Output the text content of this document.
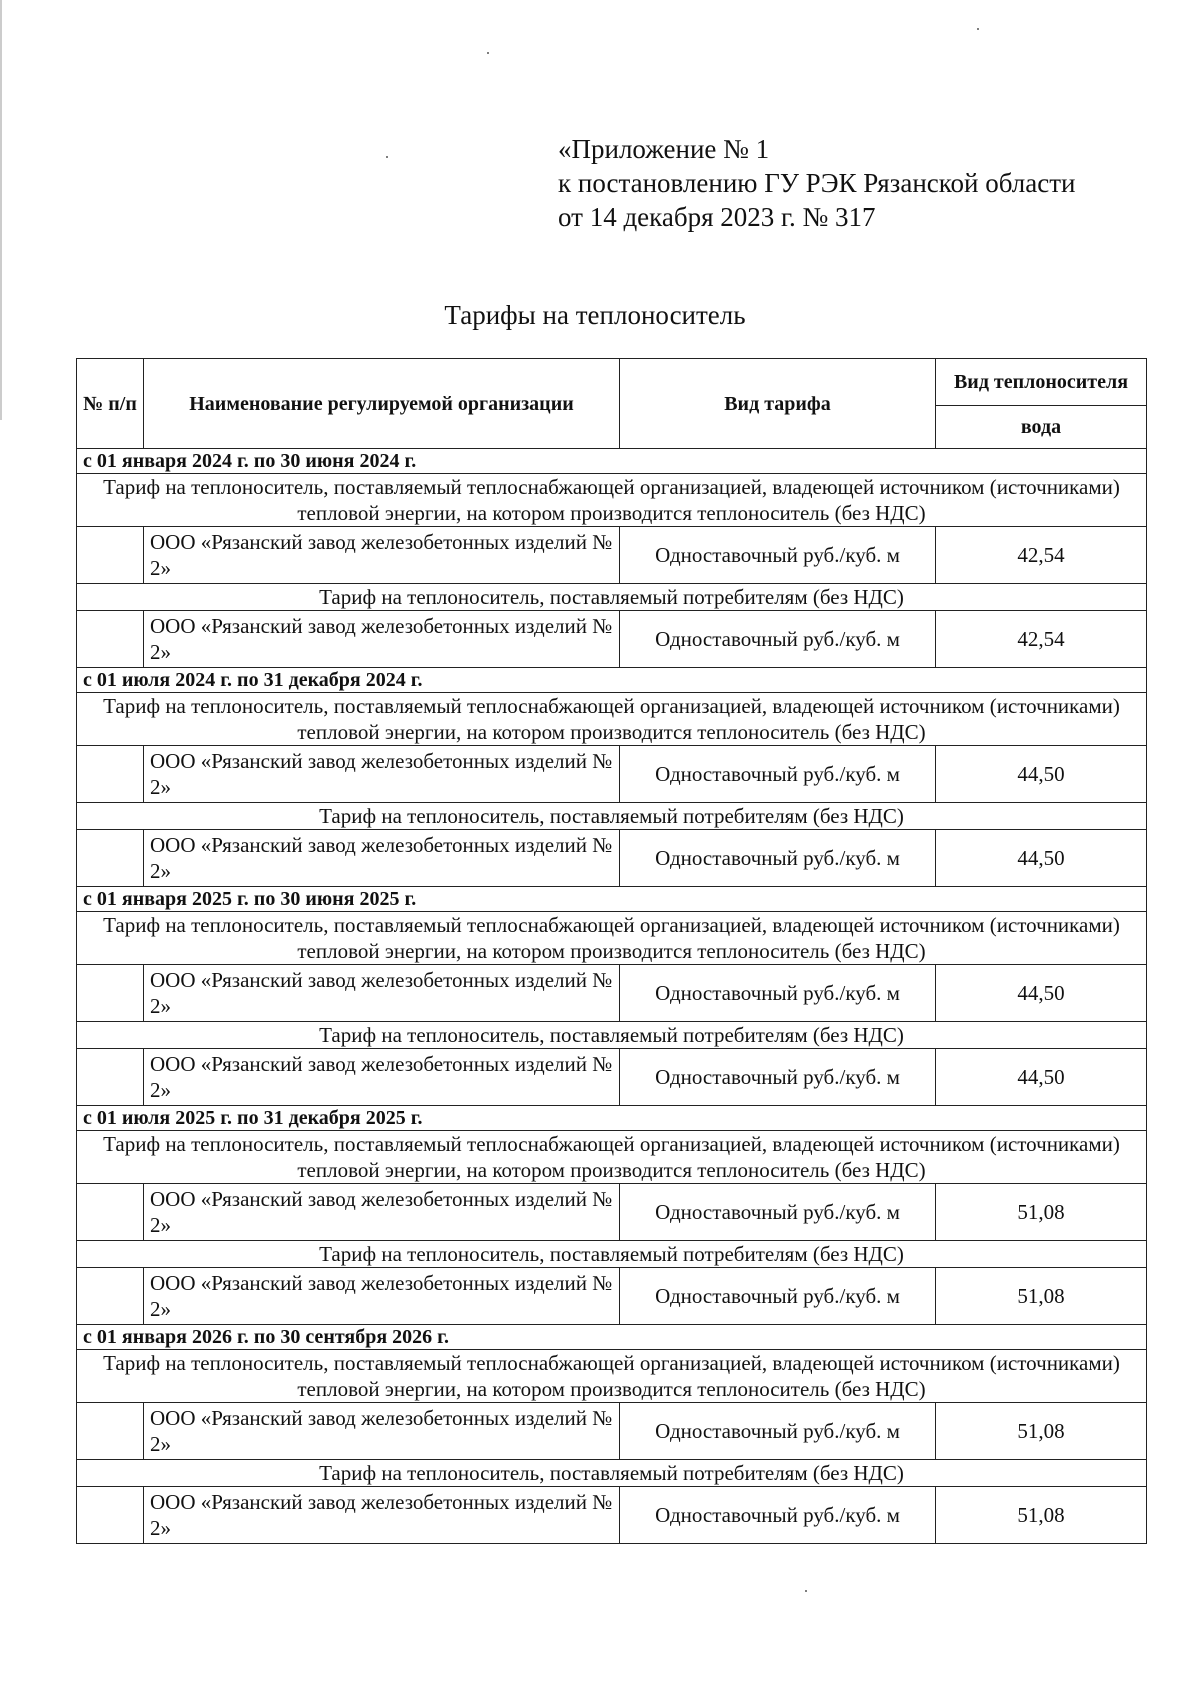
«Приложение № 1
к постановлению ГУ РЭК Рязанской области
от 14 декабря 2023 г. № 317
Тарифы на теплоноситель
№ п/п	Наименование регулируемой организации	Вид тарифа	Вид теплоносителя
			вода
с 01 января 2024 г. по 30 июня 2024 г.			
Тариф на теплоноситель, поставляемый теплоснабжающей организацией, владеющей источником (источниками) тепловой энергии, на котором производится теплоноситель (без НДС)			
	ООО «Рязанский завод железобетонных изделий № 2»	Одноставочный руб./куб. м	42,54
Тариф на теплоноситель, поставляемый потребителям (без НДС)			
	ООО «Рязанский завод железобетонных изделий № 2»	Одноставочный руб./куб. м	42,54
с 01 июля 2024 г. по 31 декабря 2024 г.			
Тариф на теплоноситель, поставляемый теплоснабжающей организацией, владеющей источником (источниками) тепловой энергии, на котором производится теплоноситель (без НДС)			
	ООО «Рязанский завод железобетонных изделий № 2»	Одноставочный руб./куб. м	44,50
Тариф на теплоноситель, поставляемый потребителям (без НДС)			
	ООО «Рязанский завод железобетонных изделий № 2»	Одноставочный руб./куб. м	44,50
с 01 января 2025 г. по 30 июня 2025 г.			
Тариф на теплоноситель, поставляемый теплоснабжающей организацией, владеющей источником (источниками) тепловой энергии, на котором производится теплоноситель (без НДС)			
	ООО «Рязанский завод железобетонных изделий № 2»	Одноставочный руб./куб. м	44,50
Тариф на теплоноситель, поставляемый потребителям (без НДС)			
	ООО «Рязанский завод железобетонных изделий № 2»	Одноставочный руб./куб. м	44,50
с 01 июля 2025 г. по 31 декабря 2025 г.			
Тариф на теплоноситель, поставляемый теплоснабжающей организацией, владеющей источником (источниками) тепловой энергии, на котором производится теплоноситель (без НДС)			
	ООО «Рязанский завод железобетонных изделий № 2»	Одноставочный руб./куб. м	51,08
Тариф на теплоноситель, поставляемый потребителям (без НДС)			
	ООО «Рязанский завод железобетонных изделий № 2»	Одноставочный руб./куб. м	51,08
с 01 января 2026 г. по 30 сентября 2026 г.			
Тариф на теплоноситель, поставляемый теплоснабжающей организацией, владеющей источником (источниками) тепловой энергии, на котором производится теплоноситель (без НДС)			
	ООО «Рязанский завод железобетонных изделий № 2»	Одноставочный руб./куб. м	51,08
Тариф на теплоноситель, поставляемый потребителям (без НДС)			
	ООО «Рязанский завод железобетонных изделий № 2»	Одноставочный руб./куб. м	51,08
